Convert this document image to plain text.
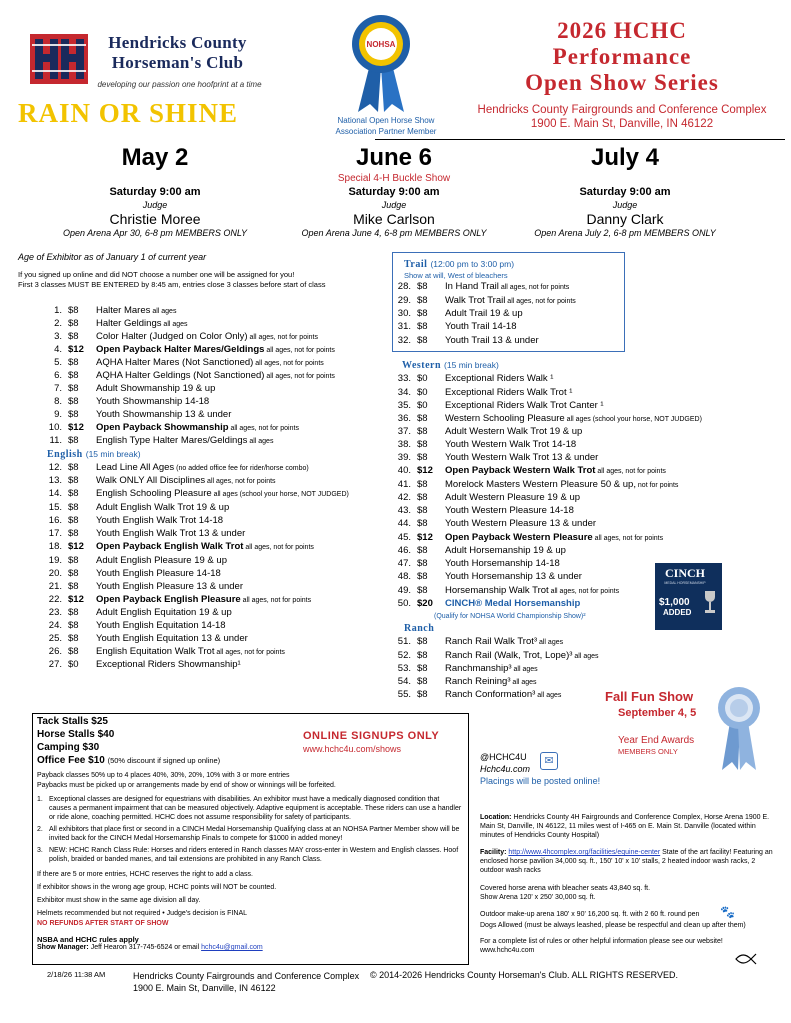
Hendricks County Horseman's Club
developing our passion one hoofprint at a time
RAIN OR SHINE
NOHSA
National Open Horse Show
Association Partner Member
2026 HCHC
Performance
Open Show Series
Hendricks County Fairgrounds and Conference Complex
1900 E. Main St, Danville, IN 46122
May 2
Saturday 9:00 am
Judge
Christie Moree
Open Arena Apr 30, 6-8 pm MEMBERS ONLY
June 6
Special 4-H Buckle Show
Saturday 9:00 am
Judge
Mike Carlson
Open Arena June 4, 6-8 pm MEMBERS ONLY
July 4
Saturday 9:00 am
Judge
Danny Clark
Open Arena July 2, 6-8 pm MEMBERS ONLY
Age of Exhibitor as of January 1 of current year
If you signed up online and did NOT choose a number one will be assigned for you!
First 3 classes MUST BE ENTERED by 8:45 am, entries close 3 classes before start of class
English (15 min break)
Trail (12:00 pm to 3:00 pm)
Show at will, West of bleachers
Western (15 min break)
Ranch
1. $8 Halter Mares all ages
2. $8 Halter Geldings all ages
3. $8 Color Halter (Judged on Color Only) all ages, not for points
4. $12 Open Payback Halter Mares/Geldings all ages, not for points
5. $8 AQHA Halter Mares (Not Sanctioned) all ages, not for points
6. $8 AQHA Halter Geldings (Not Sanctioned) all ages, not for points
7. $8 Adult Showmanship 19 & up
8. $8 Youth Showmanship 14-18
9. $8 Youth Showmanship 13 & under
10. $12 Open Payback Showmanship all ages, not for points
11. $8 English Type Halter Mares/Geldings all ages
12. $8 Lead Line All Ages (no added office fee for rider/horse combo)
13. $8 Walk ONLY All Disciplines all ages, not for points
14. $8 English Schooling Pleasure all ages (school your horse, NOT JUDGED)
15. $8 Adult English Walk Trot 19 & up
16. $8 Youth English Walk Trot 14-18
17. $8 Youth English Walk Trot 13 & under
18. $12 Open Payback English Walk Trot all ages, not for points
19. $8 Adult English Pleasure 19 & up
20. $8 Youth English Pleasure 14-18
21. $8 Youth English Pleasure 13 & under
22. $12 Open Payback English Pleasure all ages, not for points
23. $8 Adult English Equitation 19 & up
24. $8 Youth English Equitation 14-18
25. $8 Youth English Equitation 13 & under
26. $8 English Equitation Walk Trot all ages, not for points
27. $0 Exceptional Riders Showmanship¹
28. $8 In Hand Trail all ages, not for points
29. $8 Walk Trot Trail all ages, not for points
30. $8 Adult Trail 19 & up
31. $8 Youth Trail 14-18
32. $8 Youth Trail 13 & under
33. $0 Exceptional Riders Walk ¹
34. $0 Exceptional Riders Walk Trot ¹
35. $0 Exceptional Riders Walk Trot Canter ¹
36. $8 Western Schooling Pleasure all ages (school your horse, NOT JUDGED)
37. $8 Adult Western Walk Trot 19 & up
38. $8 Youth Western Walk Trot 14-18
39. $8 Youth Western Walk Trot 13 & under
40. $12 Open Payback Western Walk Trot all ages, not for points
41. $8 Morelock Masters Western Pleasure 50 & up, not for points
42. $8 Adult Western Pleasure 19 & up
43. $8 Youth Western Pleasure 14-18
44. $8 Youth Western Pleasure 13 & under
45. $12 Open Payback Western Pleasure all ages, not for points
46. $8 Adult Horsemanship 19 & up
47. $8 Youth Horsemanship 14-18
48. $8 Youth Horsemanship 13 & under
49. $8 Horsemanship Walk Trot all ages, not for points
50. $20 CINCH® Medal Horsemanship
51. $8 Ranch Rail Walk Trot³ all ages
52. $8 Ranch Rail (Walk, Trot, Lope)³ all ages
53. $8 Ranchmanship³ all ages
54. $8 Ranch Reining³ all ages
55. $8 Ranch Conformation³ all ages
(Qualify for NOHSA World Championship Show)²
CINCH
MEDAL HORSEMANSHIP
$1,000
ADDED
Fall Fun Show
September 4, 5
Year End Awards
MEMBERS ONLY
Tack Stalls $25
Horse Stalls $40
Camping $30
Office Fee $10 (50% discount if signed up online)
ONLINE SIGNUPS ONLY
www.hchc4u.com/shows
Payback classes 50% up to 4 places 40%, 30%, 20%, 10% with 3 or more entries
Paybacks must be picked up or arrangements made by end of show or winnings will be forfeited.
1. Exceptional classes are designed for equestrians with disabilities. An exhibitor must have a medically diagnosed condition that causes a permanent impairment that can be measured objectively. Adaptive equipment is acceptable. These riders can use a handler or ride alone, coaching permitted. HCHC does not assume responsibility for safety of participants.
2. All exhibitors that place first or second in a CINCH Medal Horsemanship Qualifying class at an NOHSA Partner Member show will be invited back for the CINCH Medal Horsemanship Finals to compete for $1000 in added money!
3. NEW: HCHC Ranch Class Rule: Horses and riders entered in Ranch classes MAY cross-enter in Western and English classes. Hoof polish, braided or banded manes, and tail extensions are prohibited in any Ranch Class.
If there are 5 or more entries, HCHC reserves the right to add a class.
If exhibitor shows in the wrong age group, HCHC points will NOT be counted.
Exhibitor must show in the same age division all day.
Helmets recommended but not required • Judge's decision is FINAL
NO REFUNDS AFTER START OF SHOW
NSBA and HCHC rules apply
Show Manager: Jeff Hearon 317-745-6524 or email hchc4u@gmail.com
@HCHC4U
Hchc4u.com
✉
Placings will be posted online!
Location: Hendricks County 4H Fairgrounds and Conference Complex, Horse Arena 1900 E. Main St, Danville, IN 46122, 11 miles west of I-465 on E. Main St. Danville (located within minutes of Hendricks County Hospital)
Facility: http://www.4hcomplex.org/facilities/equine-center State of the art facility! Featuring an enclosed horse pavilion 34,000 sq. ft., 150' 10' x 10' stalls, 2 heated indoor wash racks, 2 outdoor wash racks
Covered horse arena with bleacher seats 43,840 sq. ft.
Show Arena 120' x 250' 30,000 sq. ft.
Outdoor make-up arena 180' x 90' 16,200 sq. ft. with 2 60 ft. round pen	🐾
Dogs Allowed (must be always leashed, please be respectful and clean up after them)
For a complete list of rules or other helpful information please see our website!
www.hchc4u.com
2/18/26 11:38 AM	Hendricks County Fairgrounds and Conference Complex
1900 E. Main St, Danville, IN 46122
© 2014-2026 Hendricks County Horseman's Club. ALL RIGHTS RESERVED.
